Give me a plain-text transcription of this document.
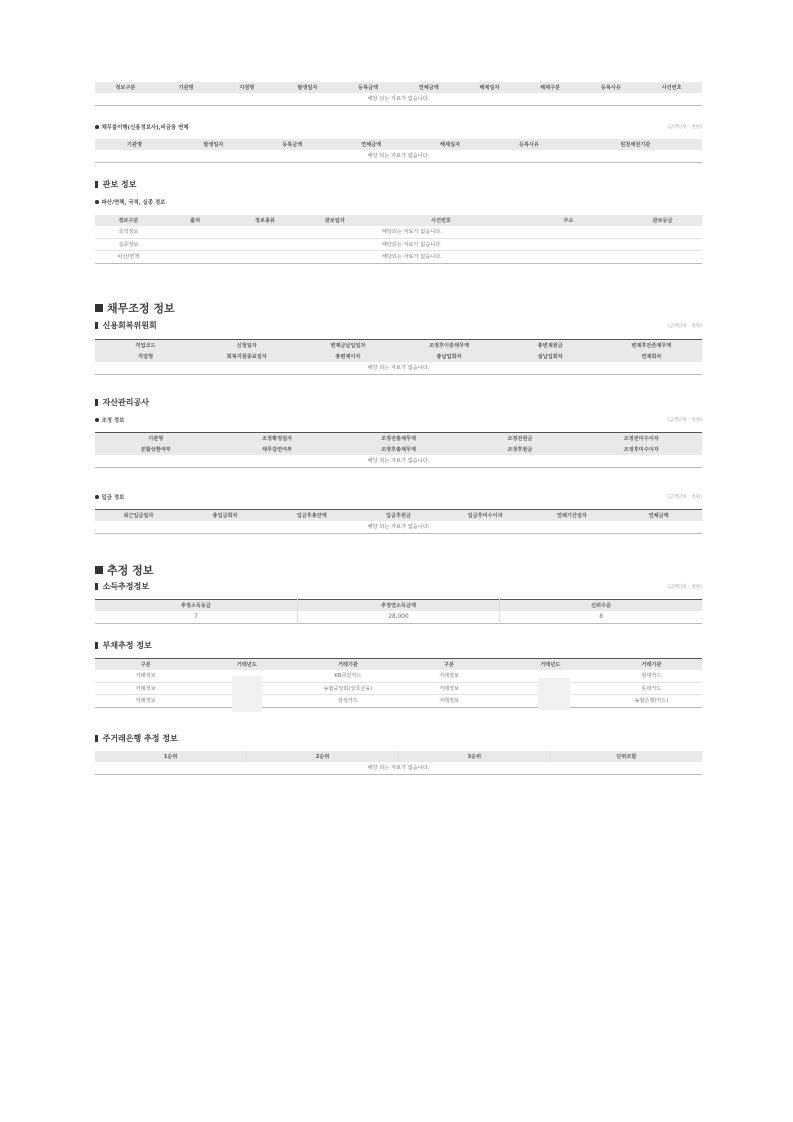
정보구분	기관명	지점명	발생일자	등록금액	연체금액	해제일자	해제구분	등록사유	사건번호
해당 되는 자료가 없습니다.
채무불이행(신용정보사),비금융 연체	(금액단위 : 천원)
기관명	발생일자	등록금액	연체금액	해제일자	등록사유	원천채권기관
해당 되는 자료가 없습니다.
관보 정보
파산/면책, 국적, 실종 정보
정보구분	출처	정보종류	관보일자	사건번호	주소	관보등급
국적정보	해당되는 자료가 없습니다.					
실종정보	해당되는 자료가 없습니다.					
파산/면책	해당되는 자료가 없습니다.					
채무조정 정보
신용회복위원회	(금액단위 : 천원)
직업코드	신청일자	변제금납입일자	조정후이중채무액	총변제원금	변제후잔존채무액
직업명	회복지원종료일자	총변제이자	총납입회차	실납입회차	면제회차
해당 되는 자료가 없습니다.					
자산관리공사
조정 정보	(금액단위 : 천원)
기관명	조정확정일자	조정전총채무액	조정전원금	조정전미수이자
분할상환여부	채무감면여부	조정후총채무액	조정후원금	조정후미수이자
해당 되는 자료가 없습니다.				
입금 정보	(금액단위 : 천원)
최근입금일자	총입금회차	입금후총잔액	입금후원금	입금후미수이자	연체기산일자	연체금액
해당 되는 자료가 없습니다.
추정 정보
소득추정정보	(금액단위 : 천원)
추정소득등급	추정연소득금액	신뢰수준
7	28,000	8
부채추정 정보
구분	거래년도	거래기관	구분	거래년도	거래기관
거래정보		KB국민카드	거래정보		현대카드
거래정보		농협중앙회(상호금융)	거래정보		롯데카드
거래정보		삼성카드	거래정보		농협은행(카드)
주거래은행 추정 정보
1순위	2순위	3순위	단위조합
해당 되는 자료가 없습니다.
